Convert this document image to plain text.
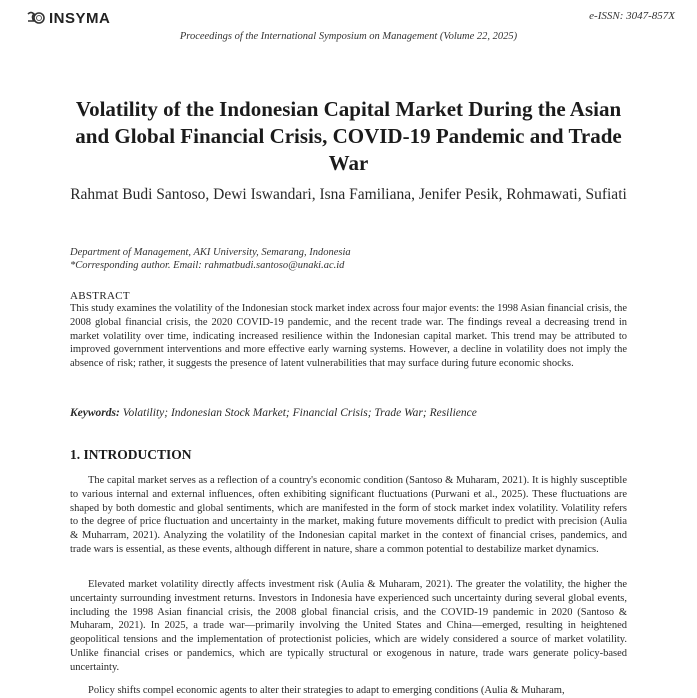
INSYMA	e-ISSN: 3047-857X
Proceedings of the International Symposium on Management (Volume 22, 2025)
Volatility of the Indonesian Capital Market During the Asian and Global Financial Crisis, COVID-19 Pandemic and Trade War
Rahmat Budi Santoso, Dewi Iswandari, Isna Familiana, Jenifer Pesik, Rohmawati, Sufiati
Department of Management, AKI University, Semarang, Indonesia
*Corresponding author. Email: rahmatbudi.santoso@unaki.ac.id
ABSTRACT
This study examines the volatility of the Indonesian stock market index across four major events: the 1998 Asian financial crisis, the 2008 global financial crisis, the 2020 COVID-19 pandemic, and the recent trade war. The findings reveal a decreasing trend in market volatility over time, indicating increased resilience within the Indonesian capital market. This trend may be attributed to improved government interventions and more effective early warning systems. However, a decline in volatility does not imply the absence of risk; rather, it suggests the presence of latent vulnerabilities that may surface during future economic shocks.
Keywords: Volatility; Indonesian Stock Market; Financial Crisis; Trade War; Resilience
1. INTRODUCTION
The capital market serves as a reflection of a country's economic condition (Santoso & Muharam, 2021). It is highly susceptible to various internal and external influences, often exhibiting significant fluctuations (Purwani et al., 2025). These fluctuations are shaped by both domestic and global sentiments, which are manifested in the form of stock market index volatility. Volatility refers to the degree of price fluctuation and uncertainty in the market, making future movements difficult to predict with precision (Aulia & Muharram, 2021). Analyzing the volatility of the Indonesian capital market in the context of financial crises, pandemics, and trade wars is essential, as these events, although different in nature, share a common potential to destabilize market dynamics.
Elevated market volatility directly affects investment risk (Aulia & Muharam, 2021). The greater the volatility, the higher the uncertainty surrounding investment returns. Investors in Indonesia have experienced such uncertainty during several global events, including the 1998 Asian financial crisis, the 2008 global financial crisis, and the COVID-19 pandemic in 2020 (Santoso & Muharam, 2021). In 2025, a trade war—primarily involving the United States and China—emerged, resulting in heightened geopolitical tensions and the implementation of protectionist policies, which are widely considered a source of market volatility. Unlike financial crises or pandemics, which are typically structural or exogenous in nature, trade wars generate policy-based uncertainty.
Policy shifts compel economic agents to alter their strategies to adapt to emerging conditions (Aulia & Muharam,
